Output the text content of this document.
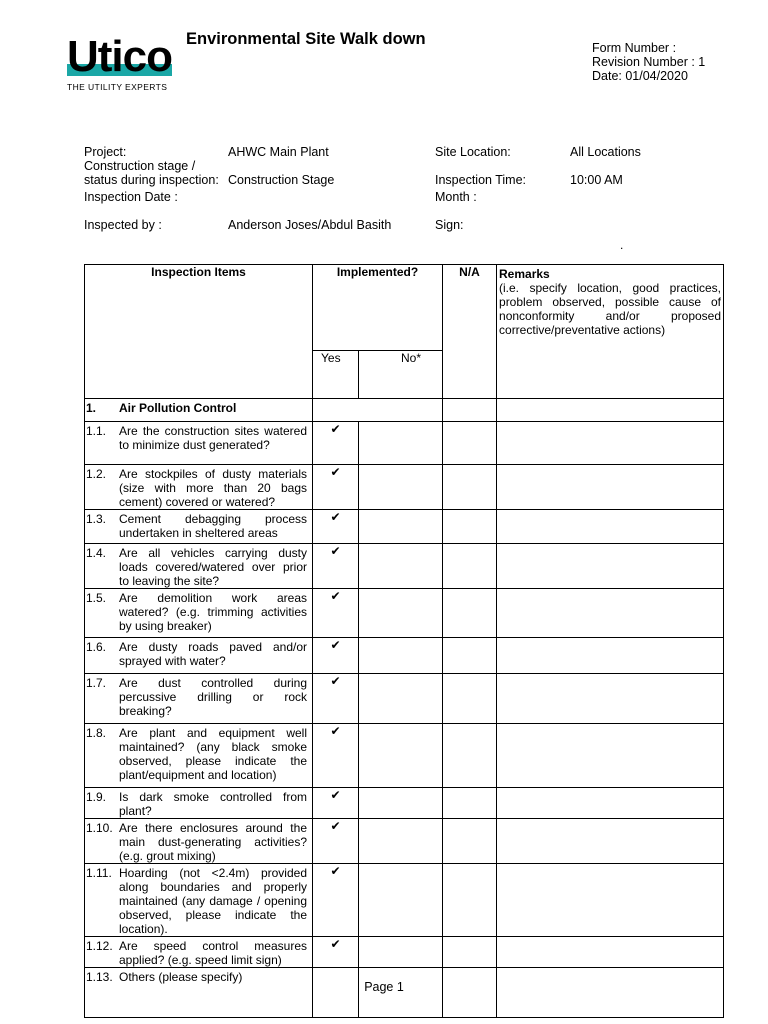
Utico
THE UTILITY EXPERTS
Environmental Site Walk down	Form Number :
Revision Number : 1
Date: 01/04/2020
Project:	AHWC Main Plant	Site Location:	All Locations
Construction stage /
status during inspection: Construction Stage	Inspection Time:	10:00 AM
Inspection Date :	Month :
Inspected by :	Anderson Joses/Abdul Basith	Sign:
.
Inspection Items	Implemented?		N/A	Remarks
(i.e. specify location, good practices, problem observed, possible cause of nonconformity and/or proposed corrective/preventative actions)

	Yes	No*		
1. Air Pollution Control				
1.1. Are the construction sites watered to minimize dust generated?	✔			
1.2. Are stockpiles of dusty materials (size with more than 20 bags cement) covered or watered?	✔			
1.3. Cement debagging process undertaken in sheltered areas	✔			
1.4. Are all vehicles carrying dusty loads covered/watered over prior to leaving the site?	✔			
1.5. Are demolition work areas watered? (e.g. trimming activities by using breaker)	✔			
1.6. Are dusty roads paved and/or sprayed with water?	✔			
1.7. Are dust controlled during percussive drilling or rock breaking?	✔			
1.8. Are plant and equipment well maintained? (any black smoke observed, please indicate the plant/equipment and location)	✔			
1.9. Is dark smoke controlled from plant?	✔			
1.10. Are there enclosures around the main dust-generating activities? (e.g. grout mixing)	✔			
1.11. Hoarding (not <2.4m) provided along boundaries and properly maintained (any damage / opening observed, please indicate the location).	✔			
1.12. Are speed control measures applied? (e.g. speed limit sign)	✔			
1.13. Others (please specify)				
Page 1
